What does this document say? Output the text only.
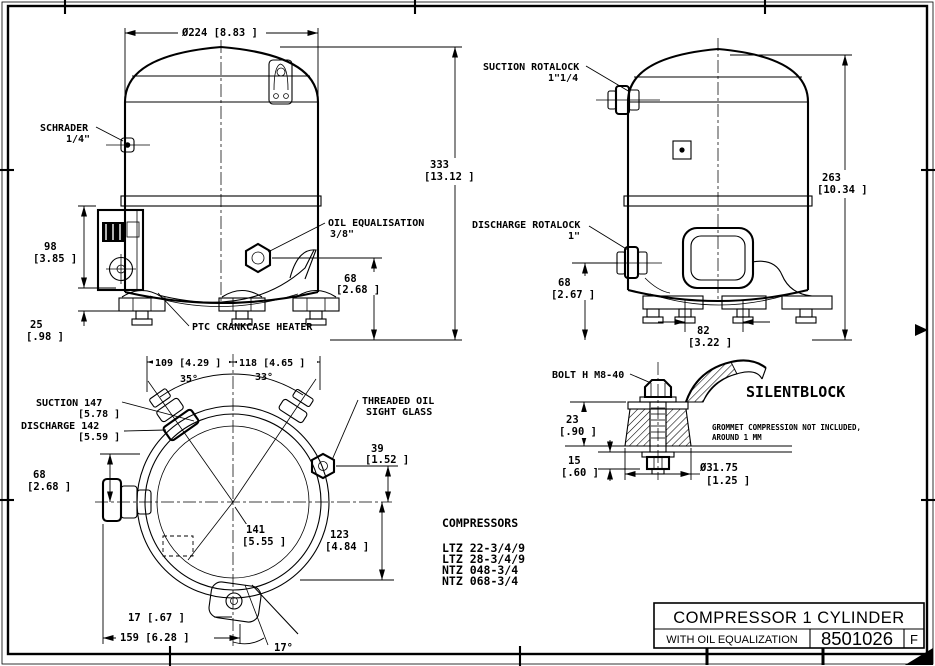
Ø224 [8.83 ]
333
[13.12 ]
68
[2.68 ]
98
[3.85 ]
25
[.98 ]
SCHRADER
1/4"
OIL EQUALISATION
3/8"
PTC CRANKCASE HEATER
263
[10.34 ]
68
[2.67 ]
82
[3.22 ]
SUCTION ROTALOCK
1"1/4
DISCHARGE ROTALOCK
1"
109 [4.29 ] 118 [4.65 ]
35°	33°
SUCTION 147
[5.78 ]
DISCHARGE 142
[5.59 ]
68
[2.68 ]
THREADED OIL
SIGHT GLASS
39
[1.52 ]
123
[4.84 ]
141
[5.55 ]
17 [.67 ]
159 [6.28 ]
17°
23
[.90 ]
15
[.60 ]	Ø31.75
[1.25 ]
BOLT H M8-40
SILENTBLOCK
GROMMET COMPRESSION NOT INCLUDED,
AROUND 1 MM
COMPRESSORS
LTZ 22-3/4/9
LTZ 28-3/4/9
NTZ 048-3/4
NTZ 068-3/4
COMPRESSOR 1 CYLINDER
WITH OIL EQUALIZATION 8501026 F
